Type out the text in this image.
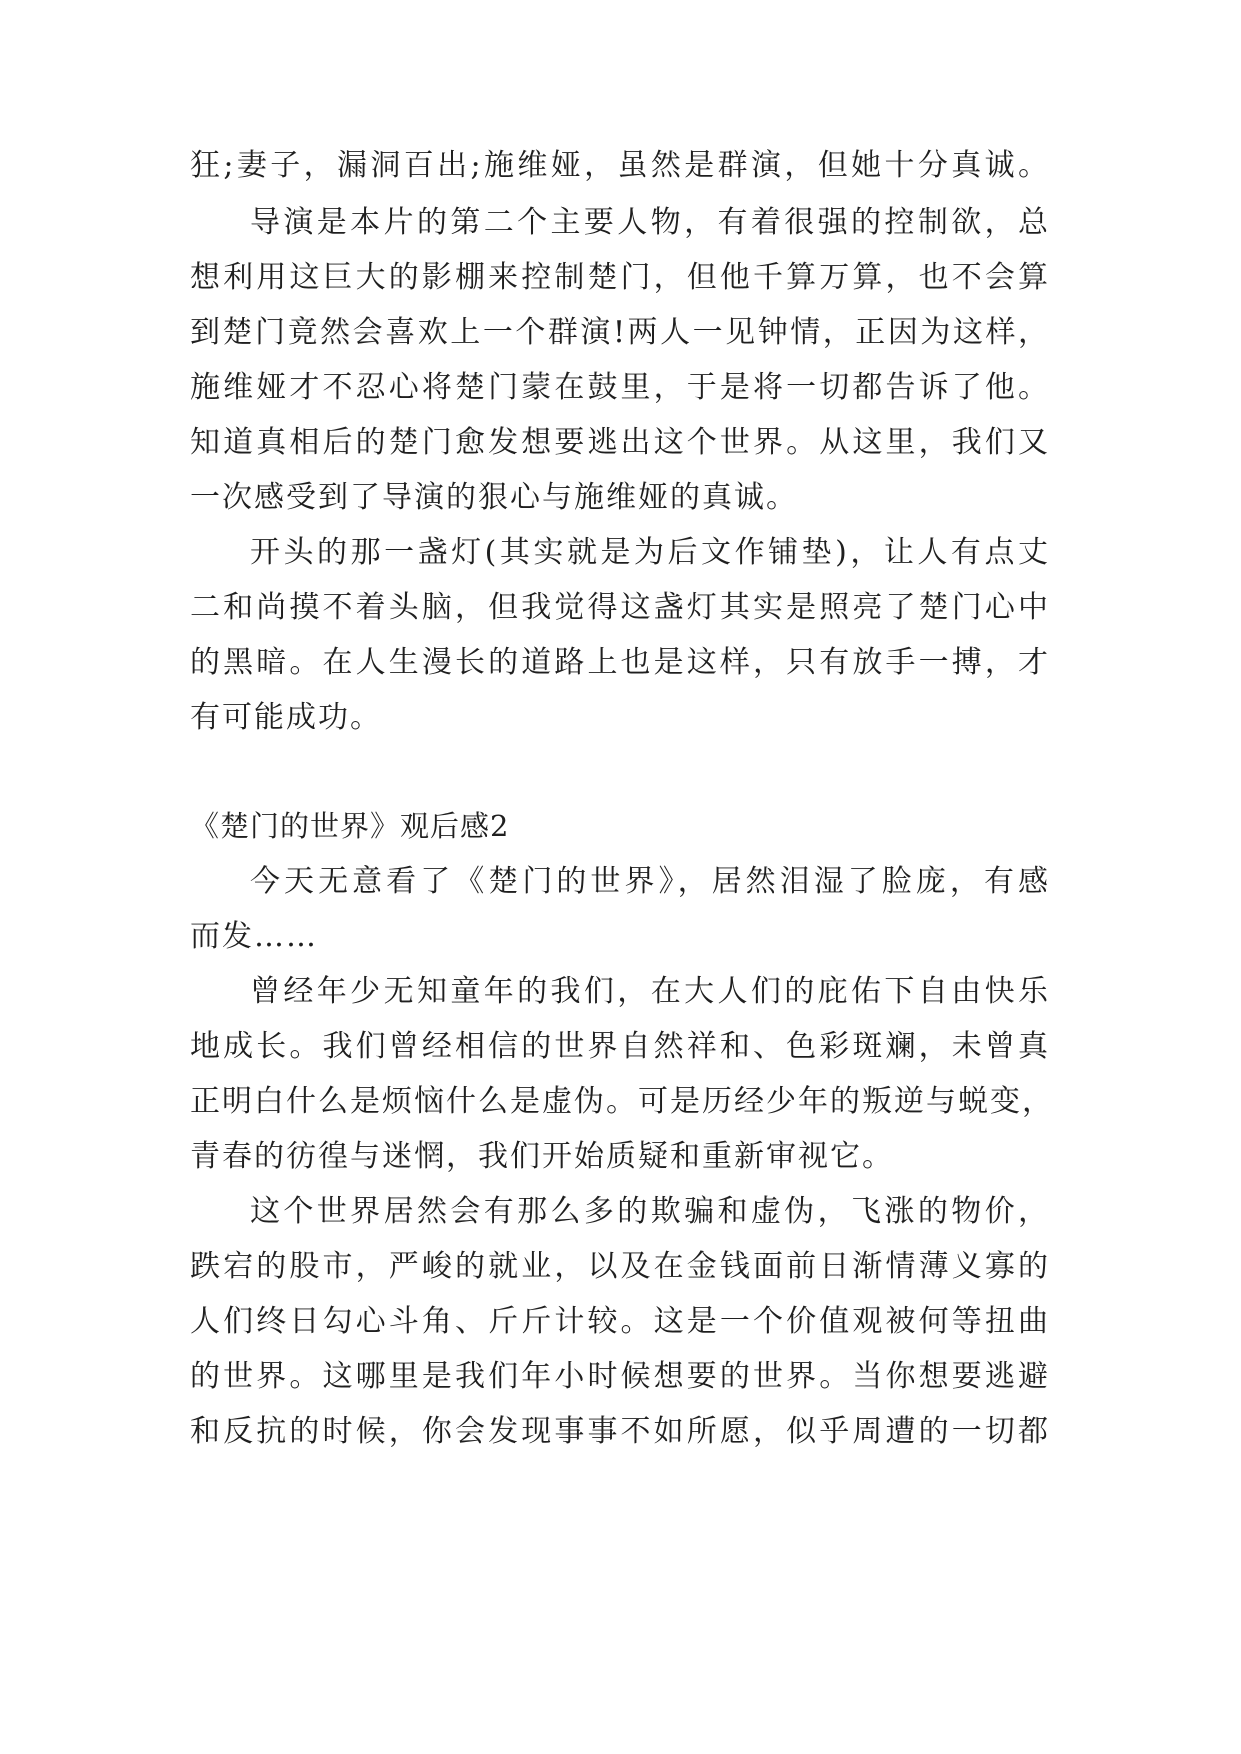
狂;妻子，漏洞百出;施维娅，虽然是群演，但她十分真诚。
导演是本片的第二个主要人物，有着很强的控制欲，总
想利用这巨大的影棚来控制楚门，但他千算万算，也不会算
到楚门竟然会喜欢上一个群演!两人一见钟情，正因为这样，
施维娅才不忍心将楚门蒙在鼓里，于是将一切都告诉了他。
知道真相后的楚门愈发想要逃出这个世界。从这里，我们又
一次感受到了导演的狠心与施维娅的真诚。
开头的那一盏灯(其实就是为后文作铺垫)，让人有点丈
二和尚摸不着头脑，但我觉得这盏灯其实是照亮了楚门心中
的黑暗。在人生漫长的道路上也是这样，只有放手一搏，才
有可能成功。
《楚门的世界》观后感2
今天无意看了《楚门的世界》，居然泪湿了脸庞，有感
而发……
曾经年少无知童年的我们，在大人们的庇佑下自由快乐
地成长。我们曾经相信的世界自然祥和、色彩斑斓，未曾真
正明白什么是烦恼什么是虚伪。可是历经少年的叛逆与蜕变，
青春的彷徨与迷惘，我们开始质疑和重新审视它。
这个世界居然会有那么多的欺骗和虚伪，飞涨的物价，
跌宕的股市，严峻的就业，以及在金钱面前日渐情薄义寡的
人们终日勾心斗角、斤斤计较。这是一个价值观被何等扭曲
的世界。这哪里是我们年小时候想要的世界。当你想要逃避
和反抗的时候，你会发现事事不如所愿，似乎周遭的一切都
